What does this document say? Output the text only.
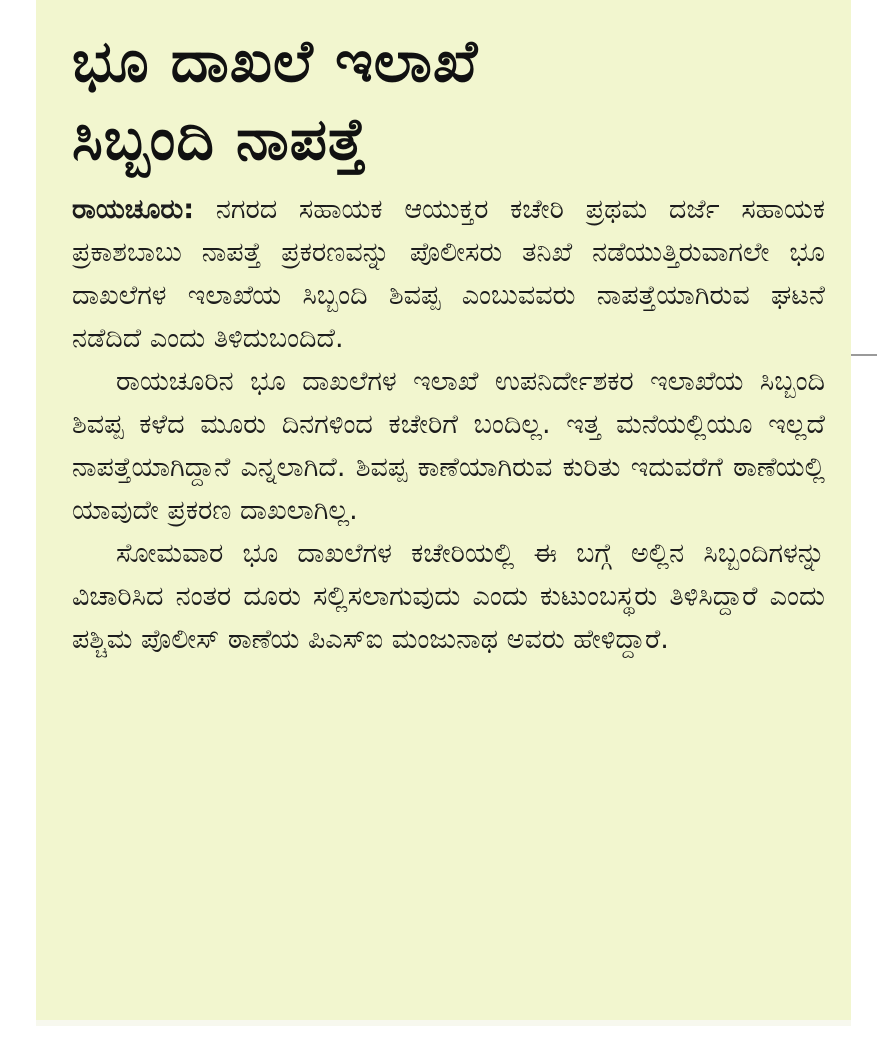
ಭೂ ದಾಖಲೆ ಇಲಾಖೆ
ಸಿಬ್ಬಂದಿ ನಾಪತ್ತೆ

ರಾಯಚೂರು: ನಗರದ ಸಹಾಯಕ ಆಯುಕ್ತರ ಕಚೇರಿ ಪ್ರಥಮ ದರ್ಜೆ ಸಹಾಯಕ ಪ್ರಕಾಶಬಾಬು ನಾಪತ್ತೆ ಪ್ರಕರಣವನ್ನು ಪೊಲೀಸರು ತನಿಖೆ ನಡೆಯುತ್ತಿರುವಾಗಲೇ ಭೂ ದಾಖಲೆಗಳ ಇಲಾಖೆಯ ಸಿಬ್ಬಂದಿ ಶಿವಪ್ಪ ಎಂಬುವವರು ನಾಪತ್ತೆಯಾಗಿರುವ ಘಟನೆ ನಡೆದಿದೆ ಎಂದು ತಿಳಿದುಬಂದಿದೆ.

ರಾಯಚೂರಿನ ಭೂ ದಾಖಲೆಗಳ ಇಲಾಖೆ ಉಪನಿರ್ದೇಶಕರ ಇಲಾಖೆಯ ಸಿಬ್ಬಂದಿ ಶಿವಪ್ಪ ಕಳೆದ ಮೂರು ದಿನಗಳಿಂದ ಕಚೇರಿಗೆ ಬಂದಿಲ್ಲ. ಇತ್ತ ಮನೆಯಲ್ಲಿಯೂ ಇಲ್ಲದೆ ನಾಪತ್ತೆಯಾಗಿದ್ದಾನೆ ಎನ್ನಲಾಗಿದೆ. ಶಿವಪ್ಪ ಕಾಣೆಯಾಗಿರುವ ಕುರಿತು ಇದುವರೆಗೆ ಠಾಣೆಯಲ್ಲಿ ಯಾವುದೇ ಪ್ರಕರಣ ದಾಖಲಾಗಿಲ್ಲ.

ಸೋಮವಾರ ಭೂ ದಾಖಲೆಗಳ ಕಚೇರಿಯಲ್ಲಿ ಈ ಬಗ್ಗೆ ಅಲ್ಲಿನ ಸಿಬ್ಬಂದಿಗಳನ್ನು ವಿಚಾರಿಸಿದ ನಂತರ ದೂರು ಸಲ್ಲಿಸಲಾಗುವುದು ಎಂದು ಕುಟುಂಬಸ್ಥರು ತಿಳಿಸಿದ್ದಾರೆ ಎಂದು ಪಶ್ಚಿಮ ಪೊಲೀಸ್ ಠಾಣೆಯ ಪಿಎಸ್ಐ ಮಂಜುನಾಥ ಅವರು ಹೇಳಿದ್ದಾರೆ.
